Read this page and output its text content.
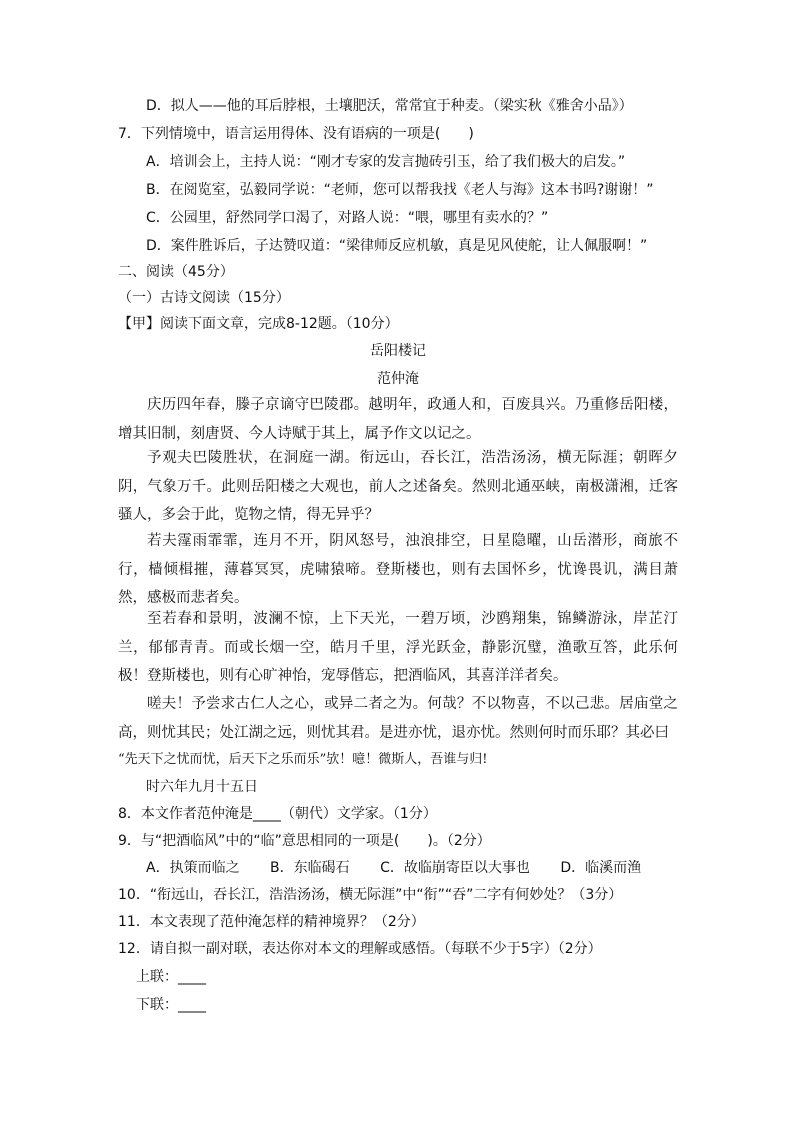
D．拟人——他的耳后脖根，土壤肥沃，常常宜于种麦。（梁实秋《雅舍小品》）
7．下列情境中，语言运用得体、没有语病的一项是(　　)
A．培训会上，主持人说：“刚才专家的发言抛砖引玉，给了我们极大的启发。”
B．在阅览室，弘毅同学说：“老师，您可以帮我找《老人与海》这本书吗?谢谢！”
C．公园里，舒然同学口渴了，对路人说：“喂，哪里有卖水的？”
D．案件胜诉后，子达赞叹道：“梁律师反应机敏，真是见风使舵，让人佩服啊！”
二、阅读（45分）
（一）古诗文阅读（15分）
【甲】阅读下面文章，完成8-12题。（10分）
岳阳楼记
范仲淹
庆历四年春，滕子京谪守巴陵郡。越明年，政通人和，百废具兴。乃重修岳阳楼，增其旧制，刻唐贤、今人诗赋于其上，属予作文以记之。
予观夫巴陵胜状，在洞庭一湖。衔远山，吞长江，浩浩汤汤，横无际涯；朝晖夕阴，气象万千。此则岳阳楼之大观也，前人之述备矣。然则北通巫峡，南极潇湘，迁客骚人，多会于此，览物之情，得无异乎？
若夫霪雨霏霏，连月不开，阴风怒号，浊浪排空，日星隐曜，山岳潜形，商旅不行，樯倾楫摧，薄暮冥冥，虎啸猿啼。登斯楼也，则有去国怀乡，忧谗畏讥，满目萧然，感极而悲者矣。
至若春和景明，波澜不惊，上下天光，一碧万顷，沙鸥翔集，锦鳞游泳，岸芷汀兰，郁郁青青。而或长烟一空，皓月千里，浮光跃金，静影沉璧，渔歌互答，此乐何极！登斯楼也，则有心旷神怡，宠辱偕忘，把酒临风，其喜洋洋者矣。
嗟夫！予尝求古仁人之心，或异二者之为。何哉？不以物喜，不以己悲。居庙堂之高，则忧其民；处江湖之远，则忧其君。是进亦忧，退亦忧。然则何时而乐耶？其必曰
“先天下之忧而忧，后天下之乐而乐”欤！噫！微斯人，吾谁与归!
时六年九月十五日
8．本文作者范仲淹是____（朝代）文学家。（1分）
9．与“把酒临风”中的“临”意思相同的一项是(　　)。（2分）
A．执策而临之 B．东临碣石 C．故临崩寄臣以大事也 D．临溪而渔
10．“衔远山，吞长江，浩浩汤汤，横无际涯”中“衔”“吞”二字有何妙处？（3分）
11．本文表现了范仲淹怎样的精神境界？（2分）
12．请自拟一副对联，表达你对本文的理解或感悟。（每联不少于5字）（2分）
上联：____
下联：____
